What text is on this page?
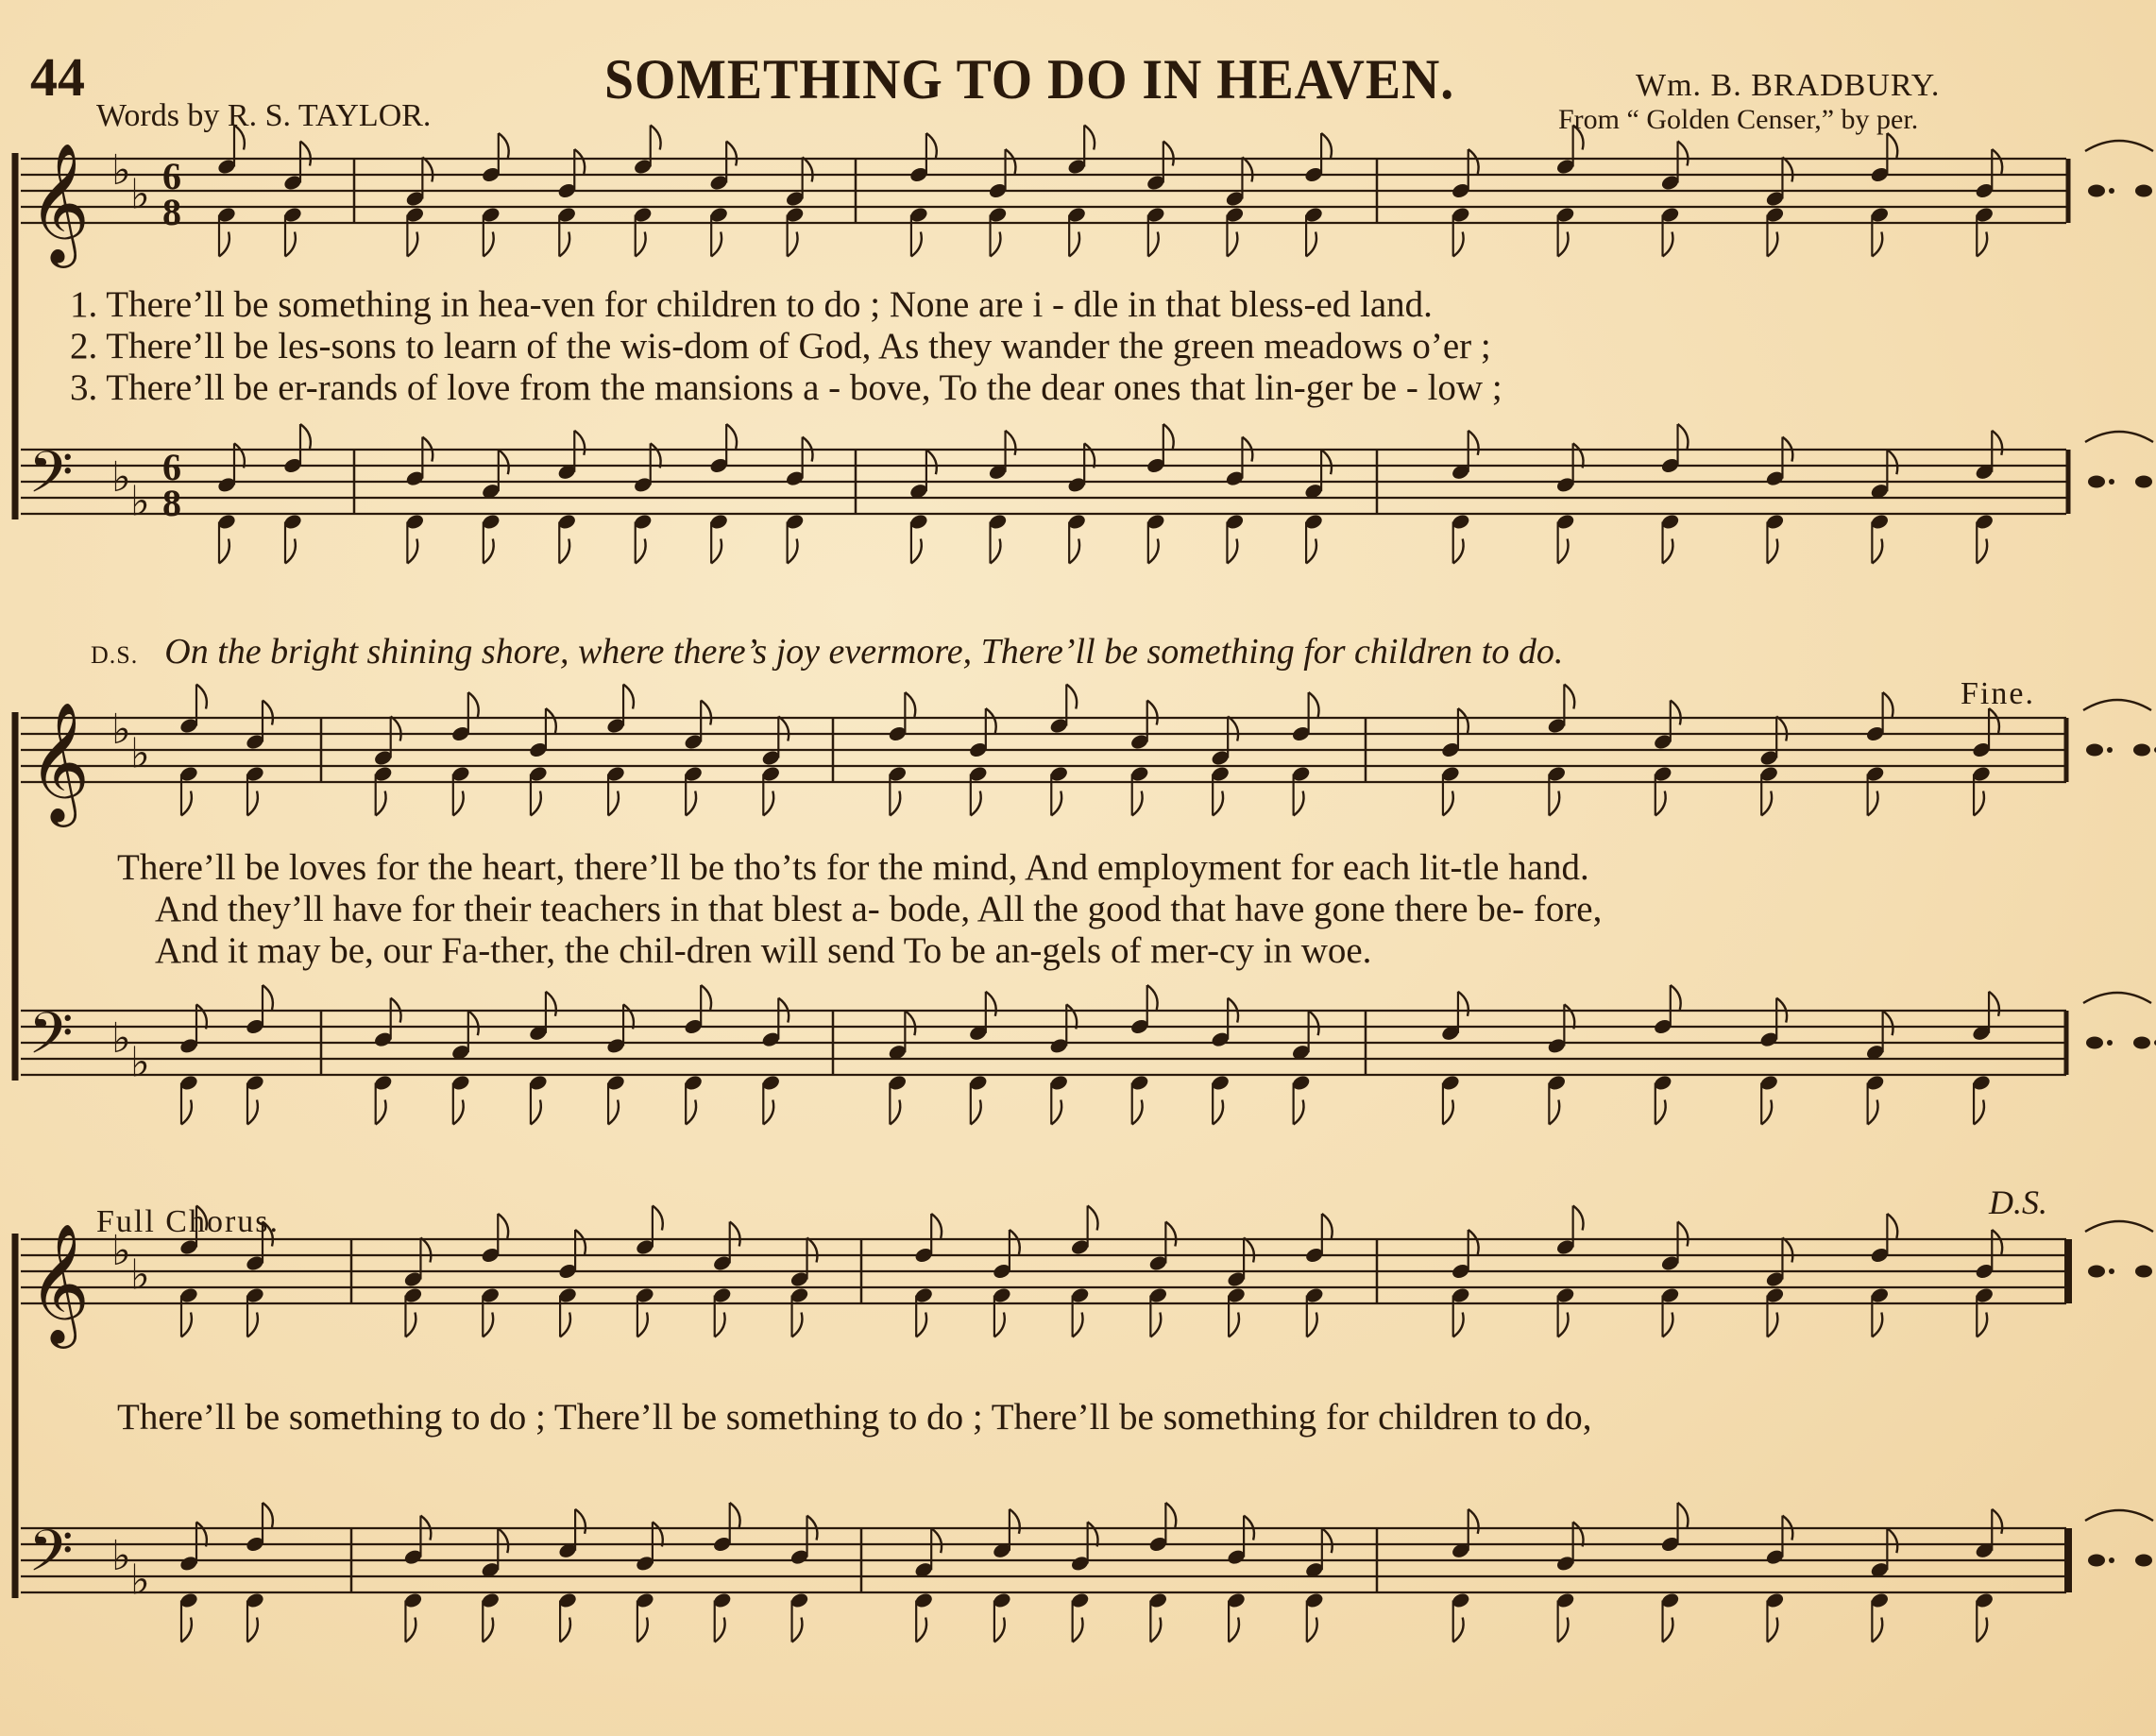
44	SOMETHING TO DO IN HEAVEN.	Wm. B. BRADBURY.
Words by R. S. TAYLOR.	From “ Golden Censer,” by per.
𝄞 ♭ ♭ 6
8
𝄢 ♭ ♭
6
8
𝄞 ♭ ♭
𝄢 ♭ ♭
𝄞 ♭ ♭
𝄢 ♭ ♭
1. There’ll be something in hea-ven for children to do ; None are i - dle in that bless-ed land.
2. There’ll be les-sons to learn of the wis-dom of God, As they wander the green meadows o’er ;
3. There’ll be er-rands of love from the mansions a - bove, To the dear ones that lin-ger be - low ;
D.S. On the bright shining shore, where there’s joy evermore, There’ll be something for children to do.
Fine.
There’ll be loves for the heart, there’ll be tho’ts for the mind, And employment for each lit-tle hand.
And they’ll have for their teachers in that blest a- bode, All the good that have gone there be- fore,
And it may be, our Fa-ther, the chil-dren will send To be an-gels of mer-cy in woe.
Full Chorus.
D.S.
There’ll be something to do ; There’ll be something to do ; There’ll be something for children to do,
